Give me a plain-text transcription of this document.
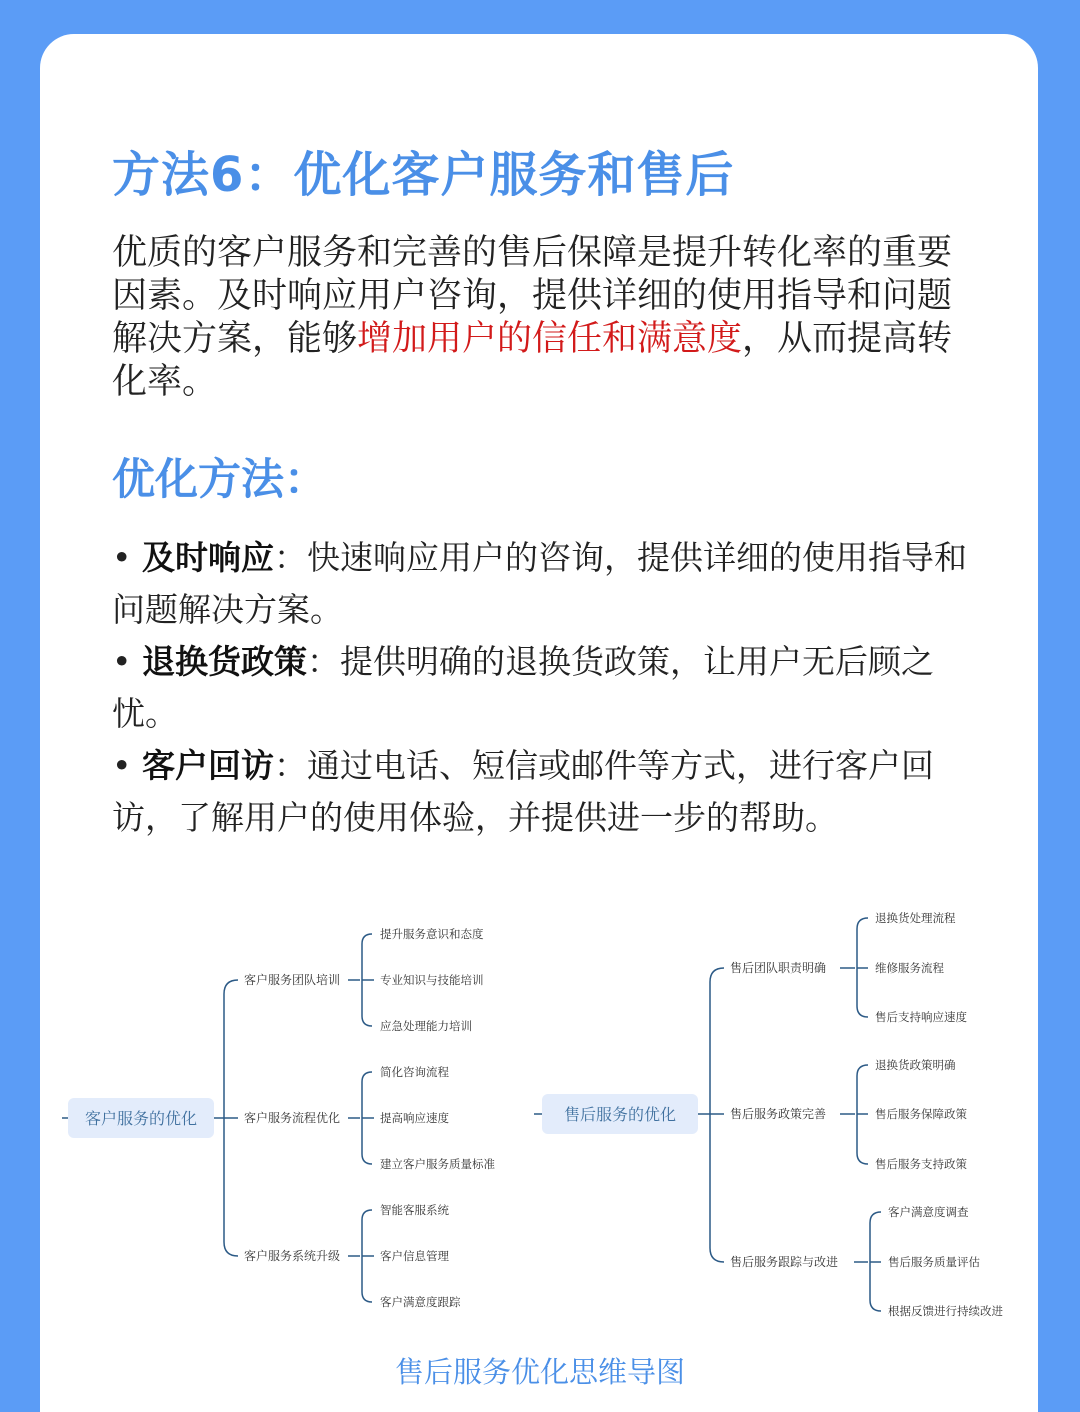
方法6：优化客户服务和售后

优质的客户服务和完善的售后保障是提升转化率的重要因素。及时响应用户咨询，提供详细的使用指导和问题解决方案，能够增加用户的信任和满意度，从而提高转化率。

优化方法：
• 及时响应：快速响应用户的咨询，提供详细的使用指导和问题解决方案。
• 退换货政策：提供明确的退换货政策，让用户无后顾之忧。
• 客户回访：通过电话、短信或邮件等方式，进行客户回访，了解用户的使用体验，并提供进一步的帮助。
客户服务的优化
客户服务团队培训
提升服务意识和态度
专业知识与技能培训
应急处理能力培训
客户服务流程优化
简化咨询流程
提高响应速度
建立客户服务质量标准
客户服务系统升级
智能客服系统
客户信息管理
客户满意度跟踪
售后服务的优化
售后团队职责明确
退换货处理流程
维修服务流程
售后支持响应速度
售后服务政策完善
退换货政策明确
售后服务保障政策
售后服务支持政策
售后服务跟踪与改进
客户满意度调查
售后服务质量评估
根据反馈进行持续改进
售后服务优化思维导图
